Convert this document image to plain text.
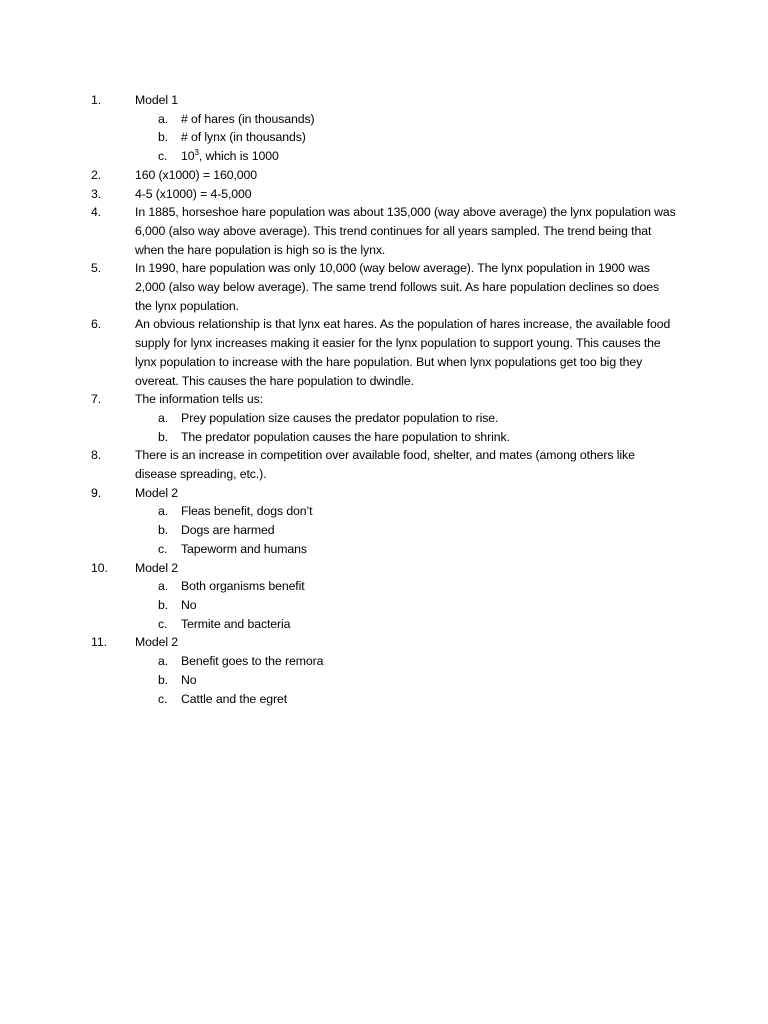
1.	Model 1
a. # of hares (in thousands)
b. # of lynx (in thousands)
c. $10^3$, which is 1000
2.	160 (x1000) = 160,000
3.	4-5 (x1000) = 4-5,000
4.	In 1885, horseshoe hare population was about 135,000 (way above average) the lynx population was 6,000 (also way above average). This trend continues for all years sampled. The trend being that when the hare population is high so is the lynx.
5.	In 1990, hare population was only 10,000 (way below average). The lynx population in 1900 was 2,000 (also way below average). The same trend follows suit. As hare population declines so does the lynx population.
6.	An obvious relationship is that lynx eat hares. As the population of hares increase, the available food supply for lynx increases making it easier for the lynx population to support young. This causes the lynx population to increase with the hare population. But when lynx populations get too big they overeat. This causes the hare population to dwindle.
7.	The information tells us:
a. Prey population size causes the predator population to rise.
b. The predator population causes the hare population to shrink.
8.	There is an increase in competition over available food, shelter, and mates (among others like disease spreading, etc.).
9.	Model 2
a. Fleas benefit, dogs don’t
b. Dogs are harmed
c. Tapeworm and humans
10.	Model 2
a. Both organisms benefit
b. No
c. Termite and bacteria
11.	Model 2
a. Benefit goes to the remora
b. No
c. Cattle and the egret
